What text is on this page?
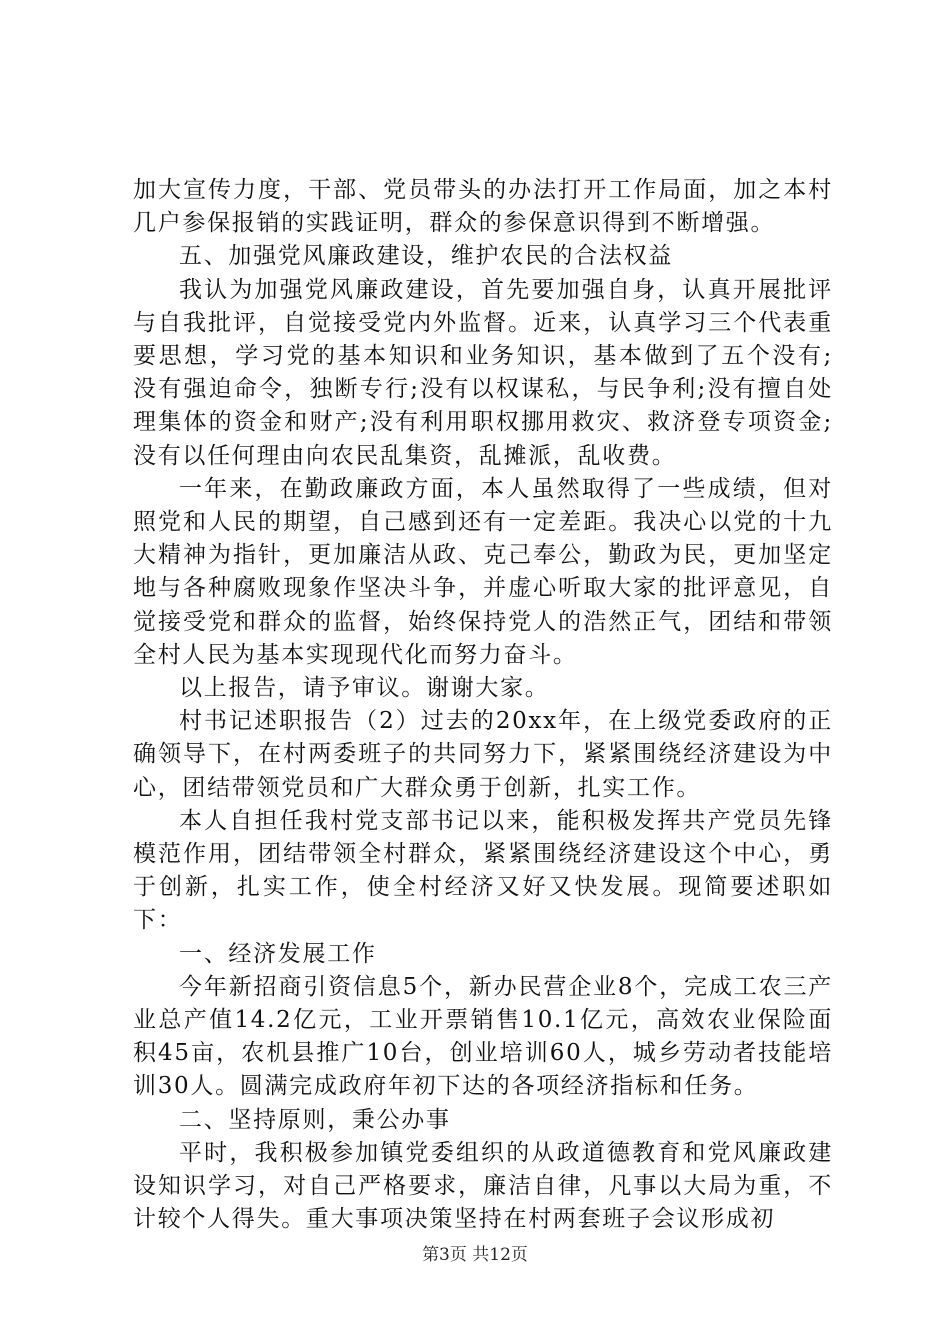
加大宣传力度，干部、党员带头的办法打开工作局面，加之本村几户参保报销的实践证明，群众的参保意识得到不断增强。

五、加强党风廉政建设，维护农民的合法权益

我认为加强党风廉政建设，首先要加强自身，认真开展批评与自我批评，自觉接受党内外监督。近来，认真学习三个代表重要思想，学习党的基本知识和业务知识，基本做到了五个没有;没有强迫命令，独断专行;没有以权谋私，与民争利;没有擅自处理集体的资金和财产;没有利用职权挪用救灾、救济登专项资金;没有以任何理由向农民乱集资，乱摊派，乱收费。

一年来，在勤政廉政方面，本人虽然取得了一些成绩，但对照党和人民的期望，自己感到还有一定差距。我决心以党的十九大精神为指针，更加廉洁从政、克己奉公，勤政为民，更加坚定地与各种腐败现象作坚决斗争，并虚心听取大家的批评意见，自觉接受党和群众的监督，始终保持党人的浩然正气，团结和带领全村人民为基本实现现代化而努力奋斗。

以上报告，请予审议。谢谢大家。

村书记述职报告（2）过去的20xx年，在上级党委政府的正确领导下，在村两委班子的共同努力下，紧紧围绕经济建设为中心，团结带领党员和广大群众勇于创新，扎实工作。

本人自担任我村党支部书记以来，能积极发挥共产党员先锋模范作用，团结带领全村群众，紧紧围绕经济建设这个中心，勇于创新，扎实工作，使全村经济又好又快发展。现简要述职如下：

一、经济发展工作

今年新招商引资信息5个，新办民营企业8个，完成工农三产业总产值14.2亿元，工业开票销售10.1亿元，高效农业保险面积45亩，农机县推广10台，创业培训60人，城乡劳动者技能培训30人。圆满完成政府年初下达的各项经济指标和任务。

二、坚持原则，秉公办事

平时，我积极参加镇党委组织的从政道德教育和党风廉政建设知识学习，对自己严格要求，廉洁自律，凡事以大局为重，不计较个人得失。重大事项决策坚持在村两套班子会议形成初

第3页 共12页
